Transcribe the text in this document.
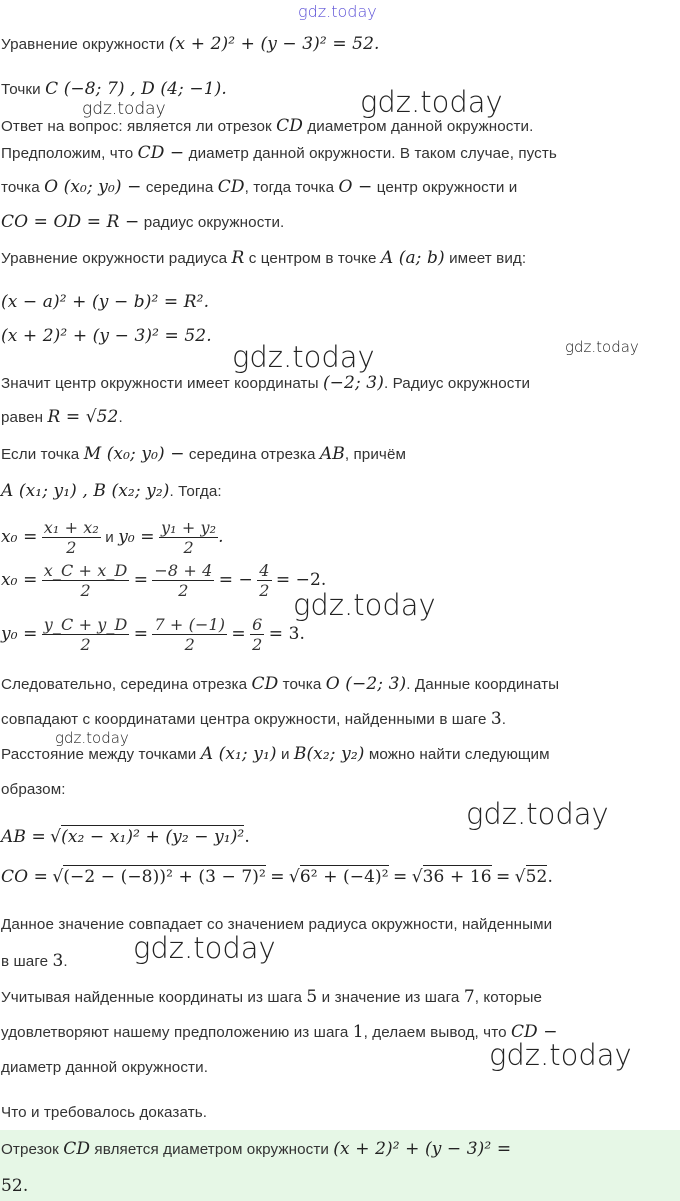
gdz.today
gdz.today	gdz.today
gdz.today	gdz.today
gdz.today
gdz.today
gdz.today
gdz.today
gdz.today
Уравнение окружности (x + 2)² + (y − 3)² = 52.
Точки C (−8; 7) , D (4; −1).
Ответ на вопрос: является ли отрезок CD диаметром данной окружности.
Предположим, что CD − диаметр данной окружности. В таком случае, пусть
точка O (x₀; y₀) − середина CD, тогда точка O − центр окружности и
CO = OD = R − радиус окружности.
Уравнение окружности радиуса R с центром в точке A (a; b) имеет вид:
(x − a)² + (y − b)² = R².
(x + 2)² + (y − 3)² = 52.
Значит центр окружности имеет координаты (−2; 3). Радиус окружности
равен R = √52.
Если точка M (x₀; y₀) − середина отрезка AB, причём
A (x₁; y₁) , B (x₂; y₂). Тогда:
$x_0 = \frac{\text{x₁ + x₂}}{2}$ и $y_0 = \frac{\text{y₁ + y₂}}{2}$ .
$x_0 = \frac{x\_C + x\_D}{2} = \frac{-8 + 4}{2}$ = − $\frac{4}{2} = -2$.
$y_0 = \frac{y\_C + y\_D}{2} = \frac{7 + (-1)}{2} = \frac{6}{2} = 3$.
Следовательно, середина отрезка CD точка O (−2; 3). Данные координаты
совпадают с координатами центра окружности, найденными в шаге 3.
Расстояние между точками A (x₁; y₁) и B(x₂; y₂) можно найти следующим
образом:
AB = √(x₂ − x₁)² + (y₂ − y₁)².
CO = √(−2 − (−8))² + (3 − 7)² = √6² + (−4)² = √36 + 16 = √52.
Данное значение совпадает со значением радиуса окружности, найденными
в шаге 3.
Учитывая найденные координаты из шага 5 и значение из шага 7, которые
удовлетворяют нашему предположению из шага 1, делаем вывод, что CD −
диаметр данной окружности.
Что и требовалось доказать.
Отрезок CD является диаметром окружности (x + 2)² + (y − 3)² =
52.
